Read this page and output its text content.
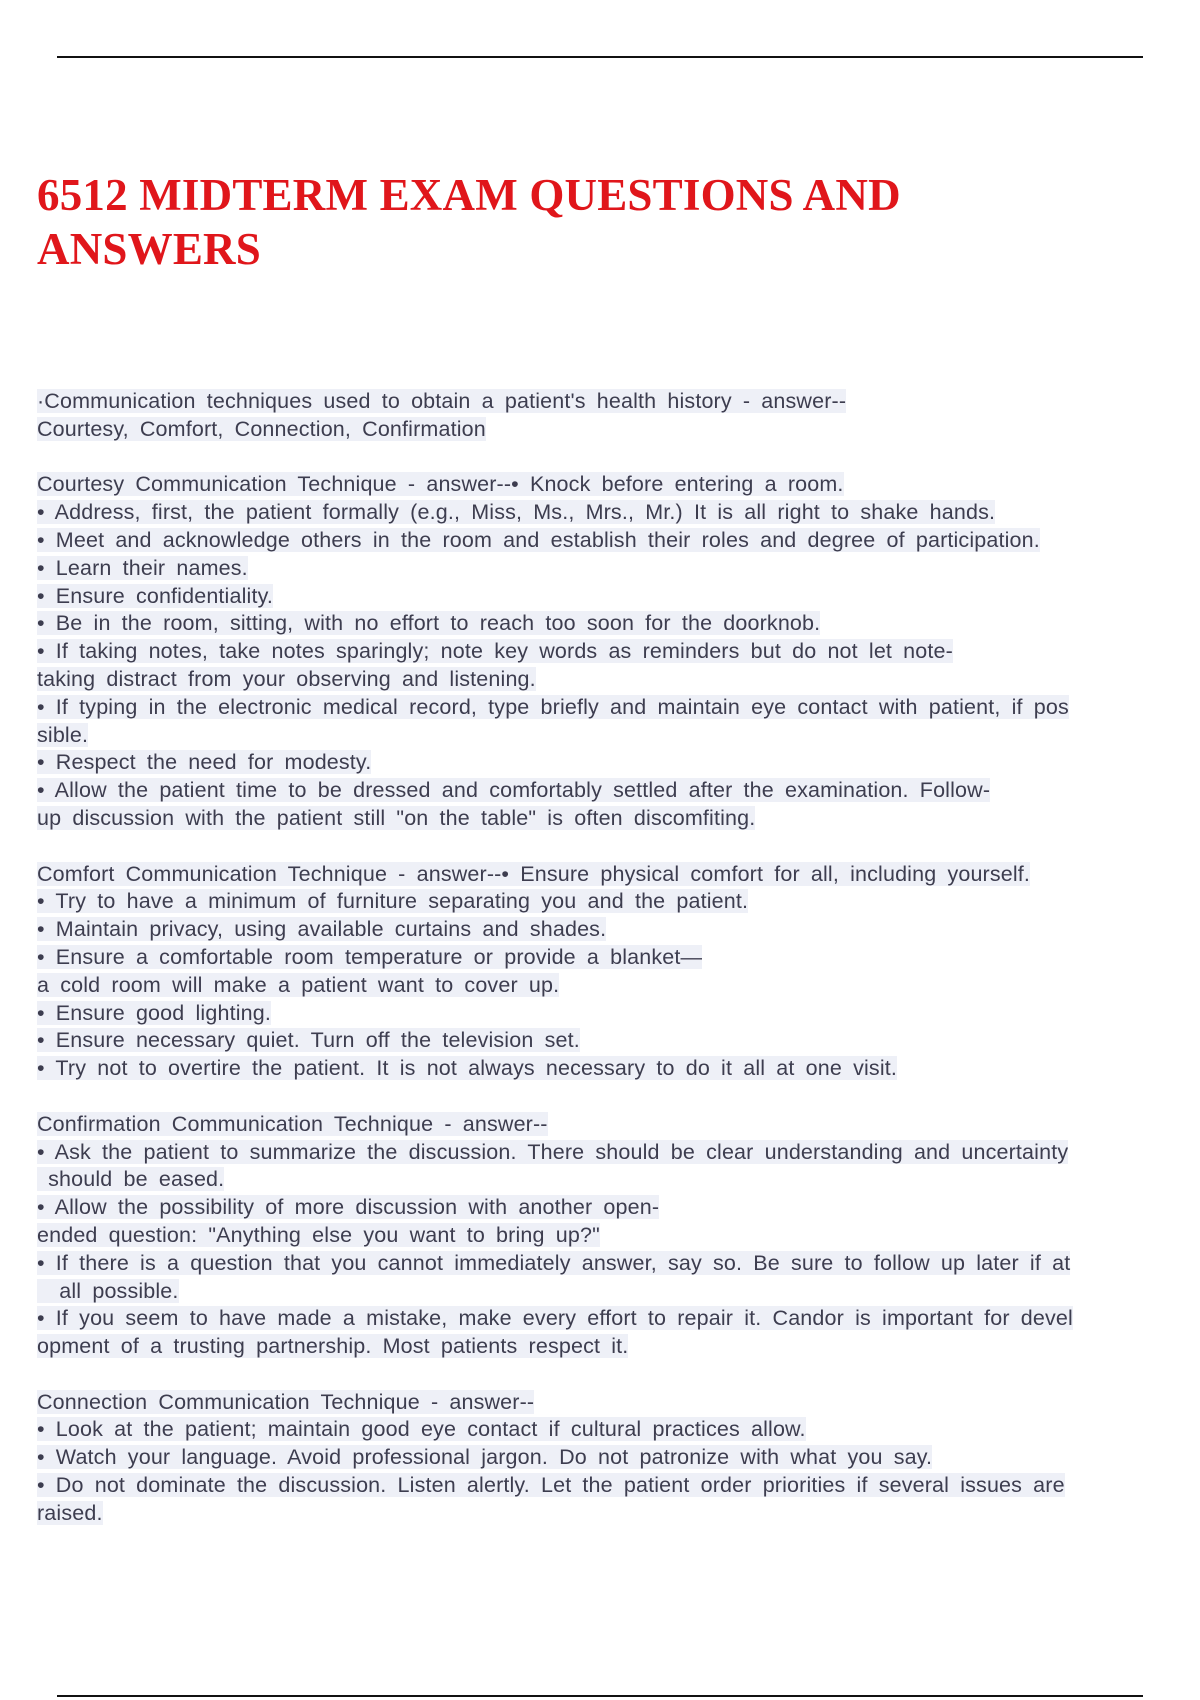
6512 MIDTERM EXAM QUESTIONS AND
ANSWERS
·Communication techniques used to obtain a patient's health history - answer--
Courtesy, Comfort, Connection, Confirmation
Courtesy Communication Technique - answer--• Knock before entering a room.
• Address, first, the patient formally (e.g., Miss, Ms., Mrs., Mr.) It is all right to shake hands.
• Meet and acknowledge others in the room and establish their roles and degree of participation.
• Learn their names.
• Ensure confidentiality.
• Be in the room, sitting, with no effort to reach too soon for the doorknob.
• If taking notes, take notes sparingly; note key words as reminders but do not let note-
taking distract from your observing and listening.
• If typing in the electronic medical record, type briefly and maintain eye contact with patient, if pos
sible.
• Respect the need for modesty.
• Allow the patient time to be dressed and comfortably settled after the examination. Follow-
up discussion with the patient still "on the table" is often discomfiting.
Comfort Communication Technique - answer--• Ensure physical comfort for all, including yourself.
• Try to have a minimum of furniture separating you and the patient.
• Maintain privacy, using available curtains and shades.
• Ensure a comfortable room temperature or provide a blanket—
a cold room will make a patient want to cover up.
• Ensure good lighting.
• Ensure necessary quiet. Turn off the television set.
• Try not to overtire the patient. It is not always necessary to do it all at one visit.
Confirmation Communication Technique - answer--
• Ask the patient to summarize the discussion. There should be clear understanding and uncertainty
should be eased.
• Allow the possibility of more discussion with another open-
ended question: "Anything else you want to bring up?"
• If there is a question that you cannot immediately answer, say so. Be sure to follow up later if at
all possible.
• If you seem to have made a mistake, make every effort to repair it. Candor is important for devel
opment of a trusting partnership. Most patients respect it.
Connection Communication Technique - answer--
• Look at the patient; maintain good eye contact if cultural practices allow.
• Watch your language. Avoid professional jargon. Do not patronize with what you say.
• Do not dominate the discussion. Listen alertly. Let the patient order priorities if several issues are
raised.
